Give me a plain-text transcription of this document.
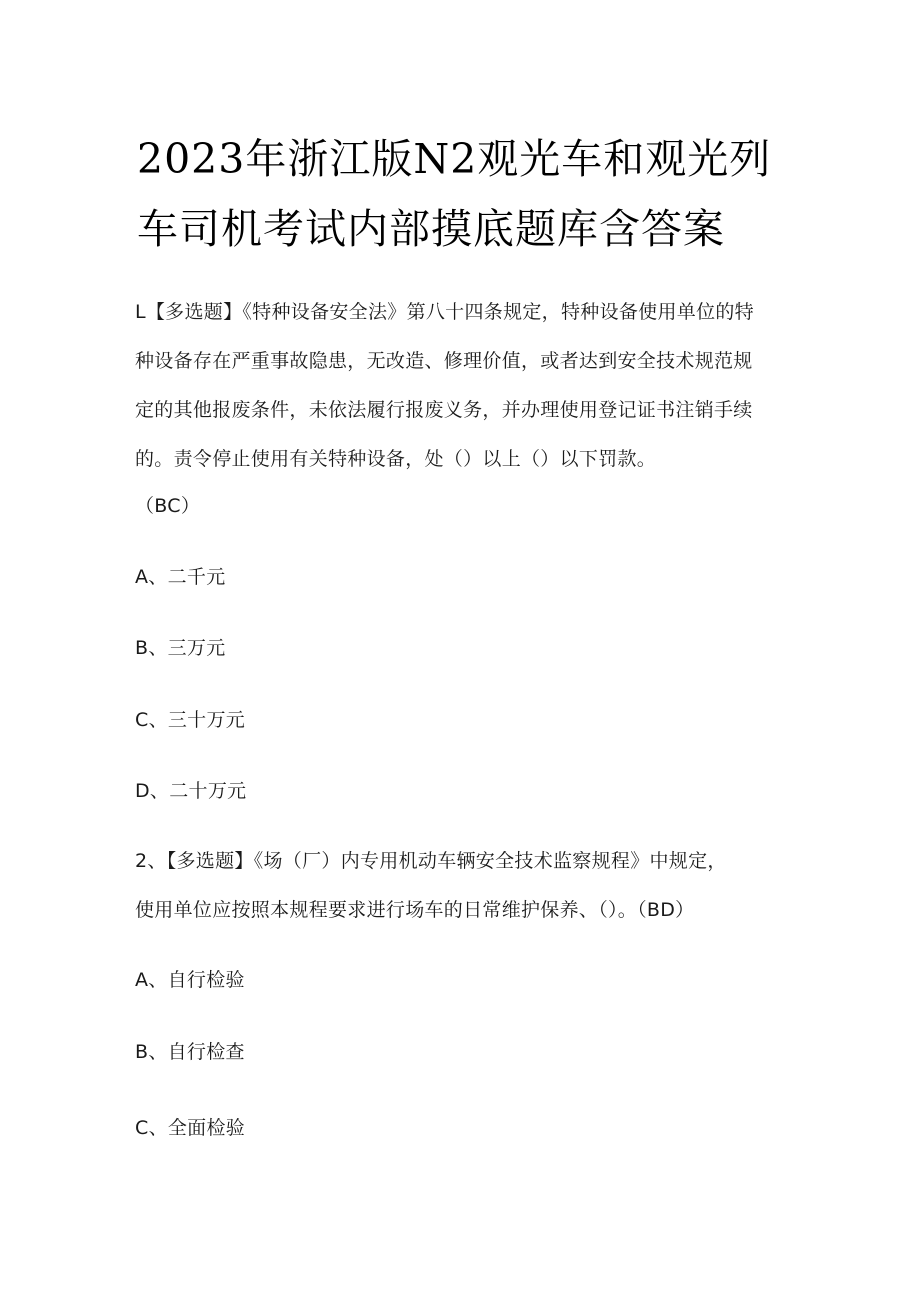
2023年浙江版N2观光车和观光列
车司机考试内部摸底题库含答案
L【多选题】《特种设备安全法》第八十四条规定，特种设备使用单位的特
种设备存在严重事故隐患，无改造、修理价值，或者达到安全技术规范规
定的其他报废条件，未依法履行报废义务，并办理使用登记证书注销手续
的。责令停止使用有关特种设备，处（）以上（）以下罚款。
（BC）
A、二千元
B、三万元
C、三十万元
D、二十万元
2、【多选题】《场（厂）内专用机动车辆安全技术监察规程》中规定，
使用单位应按照本规程要求进行场车的日常维护保养、（）。（BD）
A、自行检验
B、自行检查
C、全面检验
